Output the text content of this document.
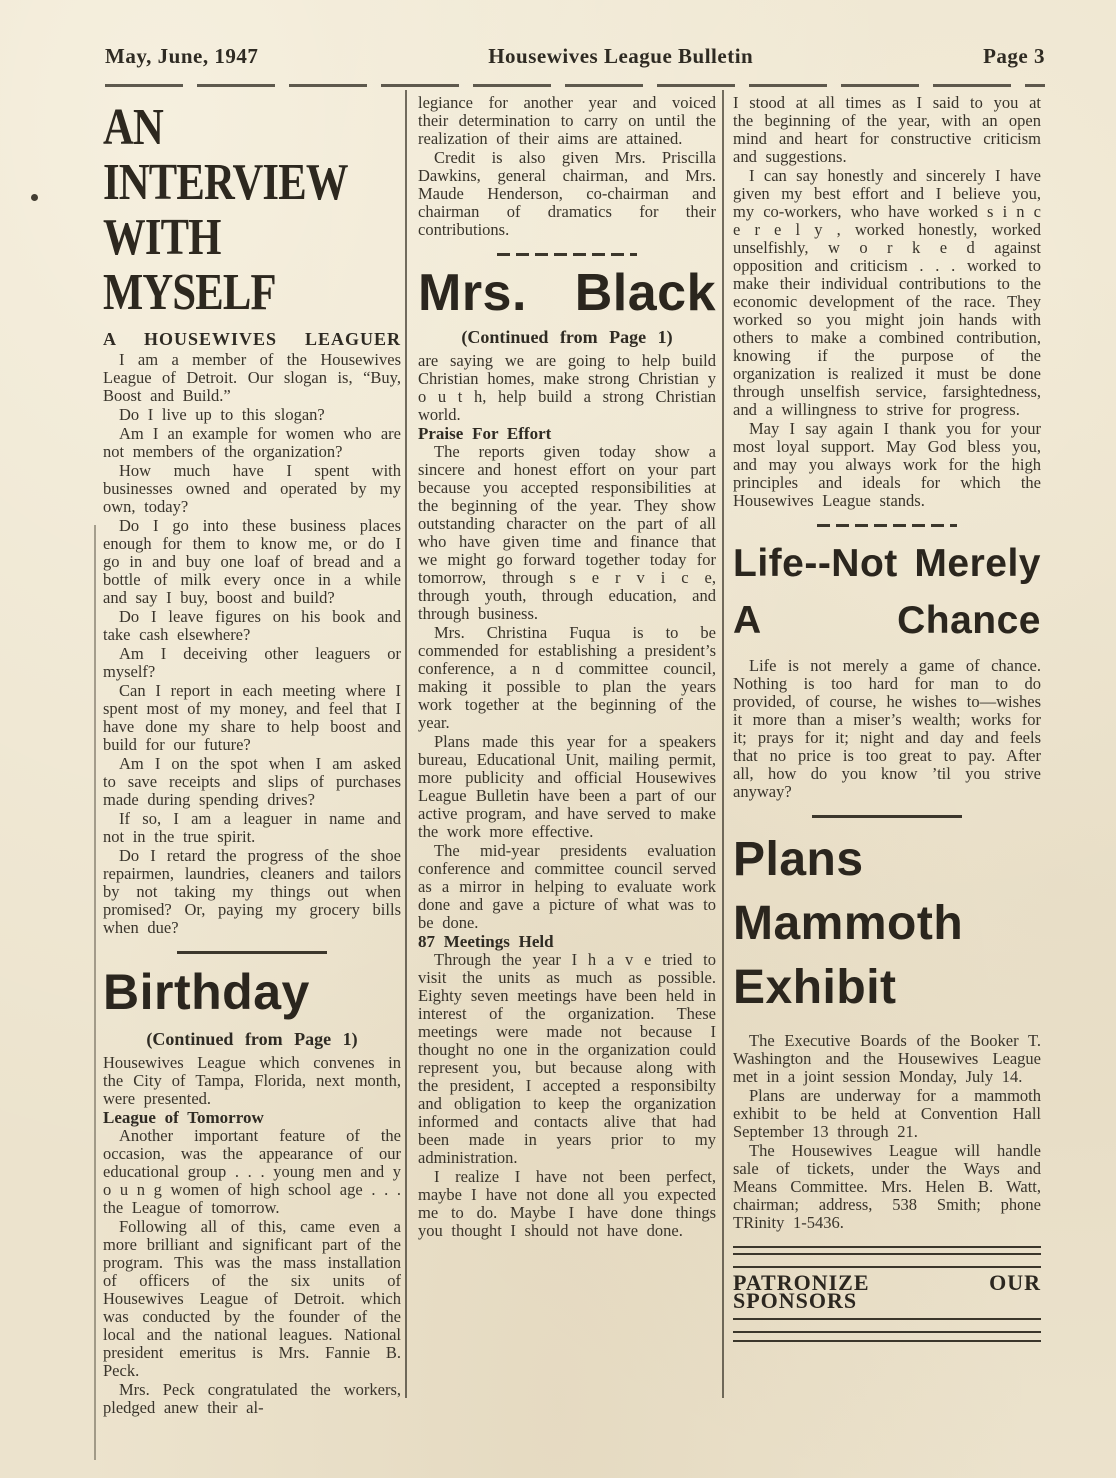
May, June, 1947	Housewives League Bulletin	Page 3
AN INTERVIEW
WITH MYSELF
A HOUSEWIVES LEAGUER

I am a member of the Housewives League of Detroit. Our slogan is, “Buy, Boost and Build.”

Do I live up to this slogan?

Am I an example for women who are not members of the organization?

How much have I spent with businesses owned and operated by my own, today?

Do I go into these business places enough for them to know me, or do I go in and buy one loaf of bread and a bottle of milk every once in a while and say I buy, boost and build?

Do I leave figures on his book and take cash elsewhere?

Am I deceiving other leaguers or myself?

Can I report in each meeting where I spent most of my money, and feel that I have done my share to help boost and build for our future?

Am I on the spot when I am asked to save receipts and slips of purchases made during spending drives?

If so, I am a leaguer in name and not in the true spirit.

Do I retard the progress of the shoe repairmen, laundries, cleaners and tailors by not taking my things out when promised? Or, paying my grocery bills when due?

Birthday
(Continued from Page 1)

Housewives League which convenes in the City of Tampa, Florida, next month, were presented.

League of Tomorrow

Another important feature of the occasion, was the appearance of our educational group . . . young men and y o u n g women of high school age . . . the League of tomorrow.

Following all of this, came even a more brilliant and significant part of the program. This was the mass installation of officers of the six units of Housewives League of Detroit. which was conducted by the founder of the local and the national leagues. National president emeritus is Mrs. Fannie B. Peck.

Mrs. Peck congratulated the workers, pledged anew their al-

legiance for another year and voiced their determination to carry on until the realization of their aims are attained.

Credit is also given Mrs. Priscilla Dawkins, general chairman, and Mrs. Maude Henderson, co-chairman and chairman of dramatics for their contributions.

Mrs. Black
(Continued from Page 1)

are saying we are going to help build Christian homes, make strong Christian y o u t h, help build a strong Christian world.

Praise For Effort

The reports given today show a sincere and honest effort on your part because you accepted responsibilities at the beginning of the year. They show outstanding character on the part of all who have given time and finance that we might go forward together today for tomorrow, through s e r v i c e, through youth, through education, and through business.

Mrs. Christina Fuqua is to be commended for establishing a president’s conference, a n d committee council, making it possible to plan the years work together at the beginning of the year.

Plans made this year for a speakers bureau, Educational Unit, mailing permit, more publicity and official Housewives League Bulletin have been a part of our active program, and have served to make the work more effective.

The mid-year presidents evaluation conference and committee council served as a mirror in helping to evaluate work done and gave a picture of what was to be done.

87 Meetings Held

Through the year I h a v e tried to visit the units as much as possible. Eighty seven meetings have been held in interest of the organization. These meetings were made not because I thought no one in the organization could represent you, but because along with the president, I accepted a responsibilty and obligation to keep the organization informed and contacts alive that had been made in years prior to my administration.

I realize I have not been perfect, maybe I have not done all you expected me to do. Maybe I have done things you thought I should not have done.

I stood at all times as I said to you at the beginning of the year, with an open mind and heart for constructive criticism and suggestions.

I can say honestly and sincerely I have given my best effort and I believe you, my co-workers, who have worked s i n c e r e l y , worked honestly, worked unselfishly, w o r k e d against opposition and criticism . . . worked to make their individual contributions to the economic development of the race. They worked so you might join hands with others to make a combined contribution, knowing if the purpose of the organization is realized it must be done through unselfish service, farsightedness, and a willingness to strive for progress.

May I say again I thank you for your most loyal support. May God bless you, and may you always work for the high principles and ideals for which the Housewives League stands.

Life--Not Merely
A Chance

Life is not merely a game of chance. Nothing is too hard for man to do provided, of course, he wishes to—wishes it more than a miser’s wealth; works for it; prays for it; night and day and feels that no price is too great to pay. After all, how do you know ’til you strive anyway?

Plans
Mammoth
Exhibit

The Executive Boards of the Booker T. Washington and the Housewives League met in a joint session Monday, July 14.

Plans are underway for a mammoth exhibit to be held at Convention Hall September 13 through 21.

The Housewives League will handle sale of tickets, under the Ways and Means Committee. Mrs. Helen B. Watt, chairman; address, 538 Smith; phone TRinity 1-5436.

PATRONIZE OUR SPONSORS
